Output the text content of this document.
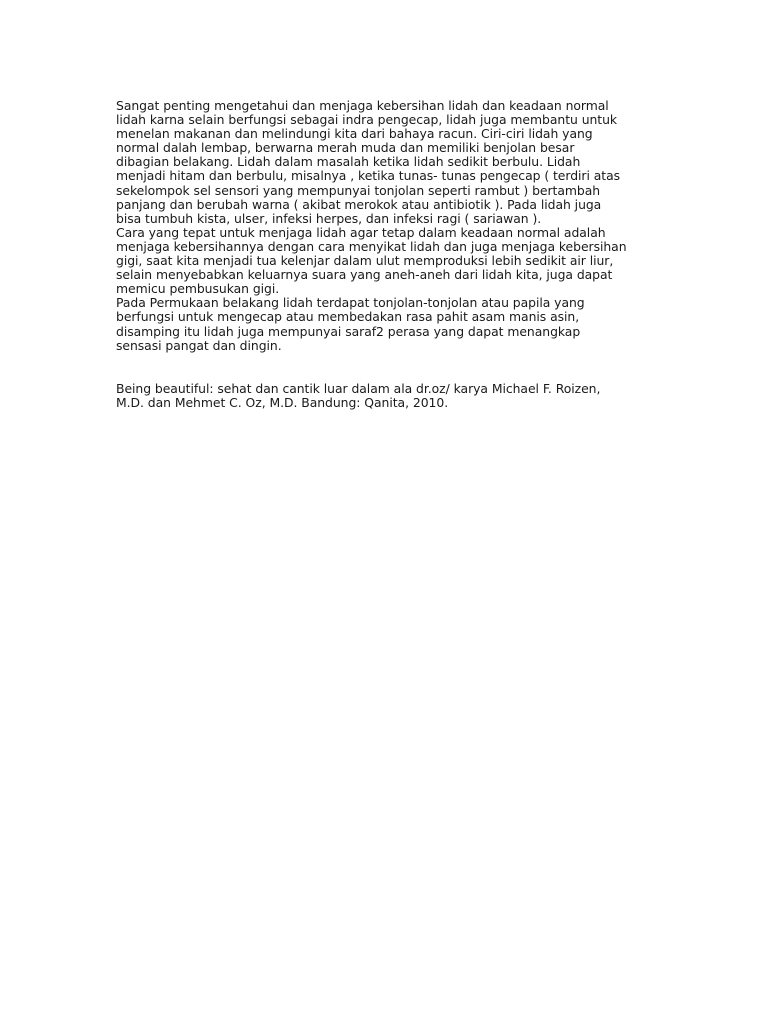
Sangat penting mengetahui dan menjaga kebersihan lidah dan keadaan normal
lidah karna selain berfungsi sebagai indra pengecap, lidah juga membantu untuk
menelan makanan dan melindungi kita dari bahaya racun. Ciri-ciri lidah yang
normal dalah lembap, berwarna merah muda dan memiliki benjolan besar
dibagian belakang. Lidah dalam masalah ketika lidah sedikit berbulu. Lidah
menjadi hitam dan berbulu, misalnya , ketika tunas- tunas pengecap ( terdiri atas
sekelompok sel sensori yang mempunyai tonjolan seperti rambut ) bertambah
panjang dan berubah warna ( akibat merokok atau antibiotik ). Pada lidah juga
bisa tumbuh kista, ulser, infeksi herpes, dan infeksi ragi ( sariawan ).
Cara yang tepat untuk menjaga lidah agar tetap dalam keadaan normal adalah
menjaga kebersihannya dengan cara menyikat lidah dan juga menjaga kebersihan
gigi, saat kita menjadi tua kelenjar dalam ulut memproduksi lebih sedikit air liur,
selain menyebabkan keluarnya suara yang aneh-aneh dari lidah kita, juga dapat
memicu pembusukan gigi.
Pada Permukaan belakang lidah terdapat tonjolan-tonjolan atau papila yang
berfungsi untuk mengecap atau membedakan rasa pahit asam manis asin,
disamping itu lidah juga mempunyai saraf2 perasa yang dapat menangkap
sensasi pangat dan dingin.
Being beautiful: sehat dan cantik luar dalam ala dr.oz/ karya Michael F. Roizen,
M.D. dan Mehmet C. Oz, M.D. Bandung: Qanita, 2010.
